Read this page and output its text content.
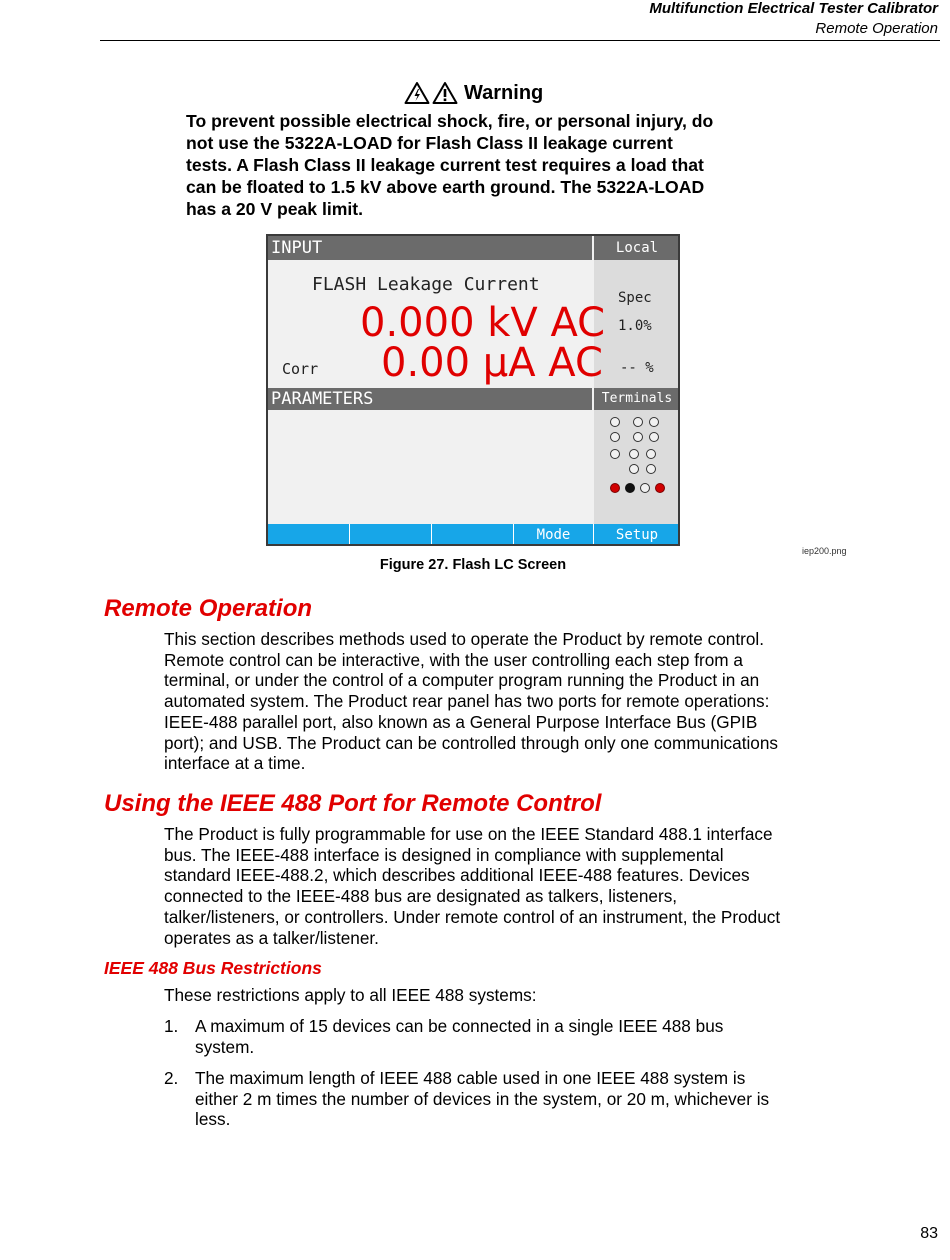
Multifunction Electrical Tester Calibrator
Remote Operation
Warning
To prevent possible electrical shock, fire, or personal injury, do
not use the 5322A-LOAD for Flash Class II leakage current
tests. A Flash Class II leakage current test requires a load that
can be floated to 1.5 kV above earth ground. The 5322A-LOAD
has a 20 V peak limit.
INPUT	Local
FLASH Leakage Current
0.000 kV AC
0.00 µA AC
Corr
Spec
1.0%
-- %
PARAMETERS	Terminals
Mode	Setup
iep200.png
Figure 27. Flash LC Screen
Remote Operation
This section describes methods used to operate the Product by remote control.
Remote control can be interactive, with the user controlling each step from a
terminal, or under the control of a computer program running the Product in an
automated system. The Product rear panel has two ports for remote operations:
IEEE-488 parallel port, also known as a General Purpose Interface Bus (GPIB
port); and USB. The Product can be controlled through only one communications
interface at a time.
Using the IEEE 488 Port for Remote Control
The Product is fully programmable for use on the IEEE Standard 488.1 interface
bus. The IEEE-488 interface is designed in compliance with supplemental
standard IEEE-488.2, which describes additional IEEE-488 features. Devices
connected to the IEEE-488 bus are designated as talkers, listeners,
talker/listeners, or controllers. Under remote control of an instrument, the Product
operates as a talker/listener.
IEEE 488 Bus Restrictions
These restrictions apply to all IEEE 488 systems:
1. A maximum of 15 devices can be connected in a single IEEE 488 bus
system.
2. The maximum length of IEEE 488 cable used in one IEEE 488 system is
either 2 m times the number of devices in the system, or 20 m, whichever is
less.
83
